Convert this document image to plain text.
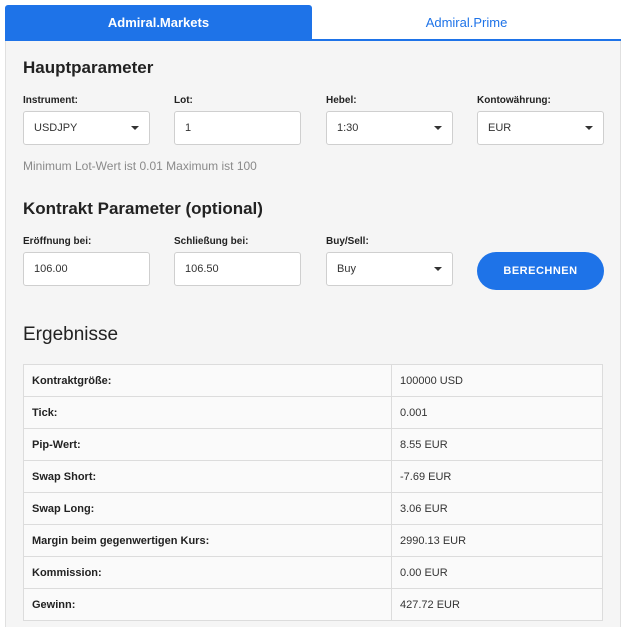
Admiral.Markets	Admiral.Prime
Hauptparameter
Instrument:
USDJPY
Lot:
1
Hebel:
1:30
Kontowährung:
EUR
Minimum Lot-Wert ist 0.01 Maximum ist 100
Kontrakt Parameter (optional)
Eröffnung bei:
106.00
Schließung bei:
106.50
Buy/Sell:
Buy	BERECHNEN
Ergebnisse
Kontraktgröße:	100000 USD
Tick:	0.001
Pip-Wert:	8.55 EUR
Swap Short:	-7.69 EUR
Swap Long:	3.06 EUR
Margin beim gegenwertigen Kurs:	2990.13 EUR
Kommission:	0.00 EUR
Gewinn:	427.72 EUR
